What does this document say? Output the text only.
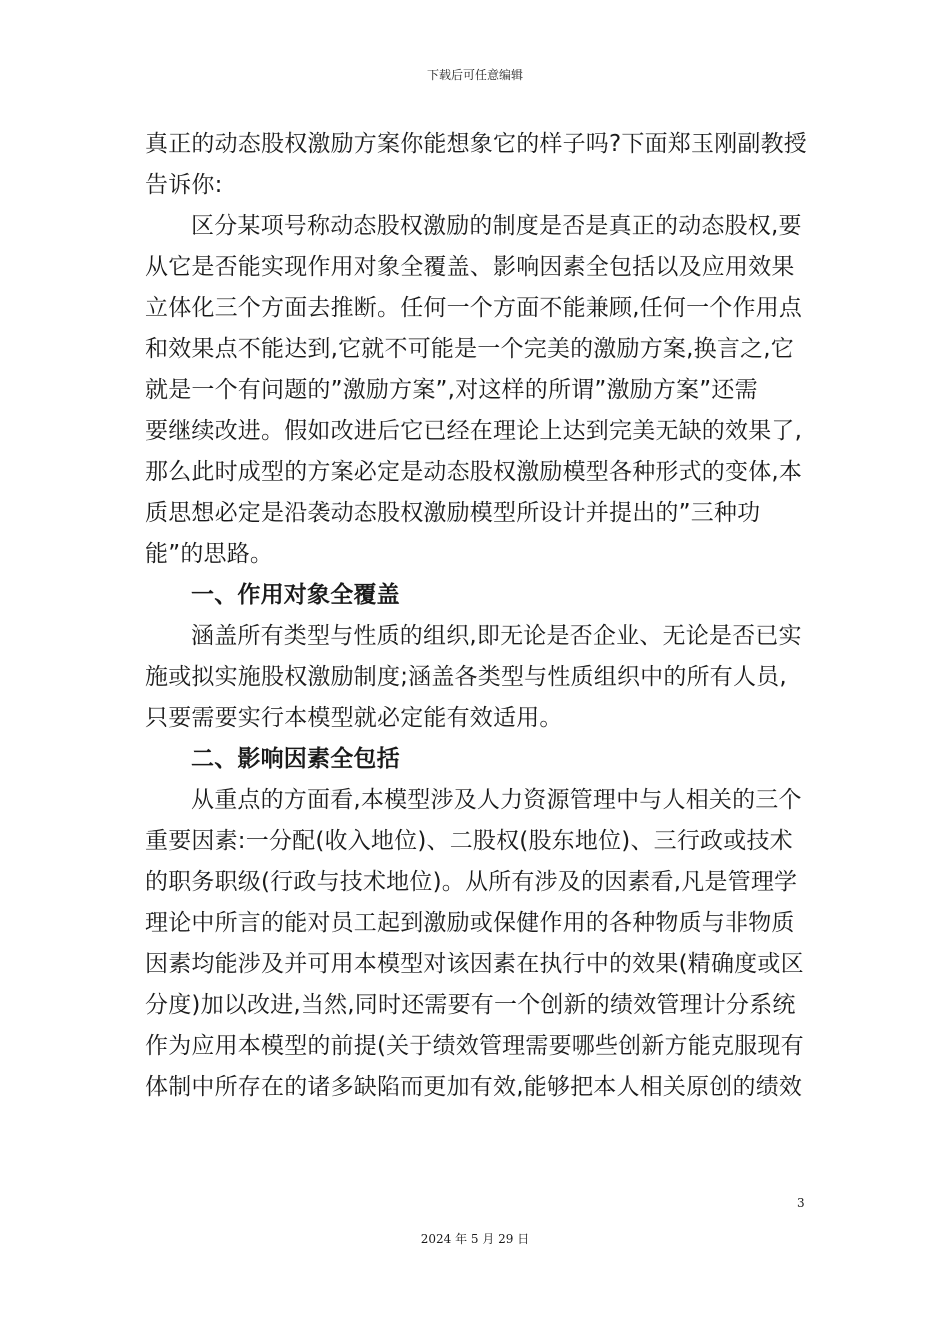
下载后可任意编辑
真正的动态股权激励方案你能想象它的样子吗?下面郑玉刚副教授
告诉你:
区分某项号称动态股权激励的制度是否是真正的动态股权,要
从它是否能实现作用对象全覆盖、影响因素全包括以及应用效果
立体化三个方面去推断。任何一个方面不能兼顾,任何一个作用点
和效果点不能达到,它就不可能是一个完美的激励方案,换言之,它
就是一个有问题的”激励方案”,对这样的所谓”激励方案”还需
要继续改进。假如改进后它已经在理论上达到完美无缺的效果了,
那么此时成型的方案必定是动态股权激励模型各种形式的变体,本
质思想必定是沿袭动态股权激励模型所设计并提出的”三种功
能”的思路。
一、作用对象全覆盖
涵盖所有类型与性质的组织,即无论是否企业、无论是否已实
施或拟实施股权激励制度;涵盖各类型与性质组织中的所有人员,
只要需要实行本模型就必定能有效适用。
二、影响因素全包括
从重点的方面看,本模型涉及人力资源管理中与人相关的三个
重要因素:一分配(收入地位)、二股权(股东地位)、三行政或技术
的职务职级(行政与技术地位)。从所有涉及的因素看,凡是管理学
理论中所言的能对员工起到激励或保健作用的各种物质与非物质
因素均能涉及并可用本模型对该因素在执行中的效果(精确度或区
分度)加以改进,当然,同时还需要有一个创新的绩效管理计分系统
作为应用本模型的前提(关于绩效管理需要哪些创新方能克服现有
体制中所存在的诸多缺陷而更加有效,能够把本人相关原创的绩效
3
2024 年 5 月 29 日
